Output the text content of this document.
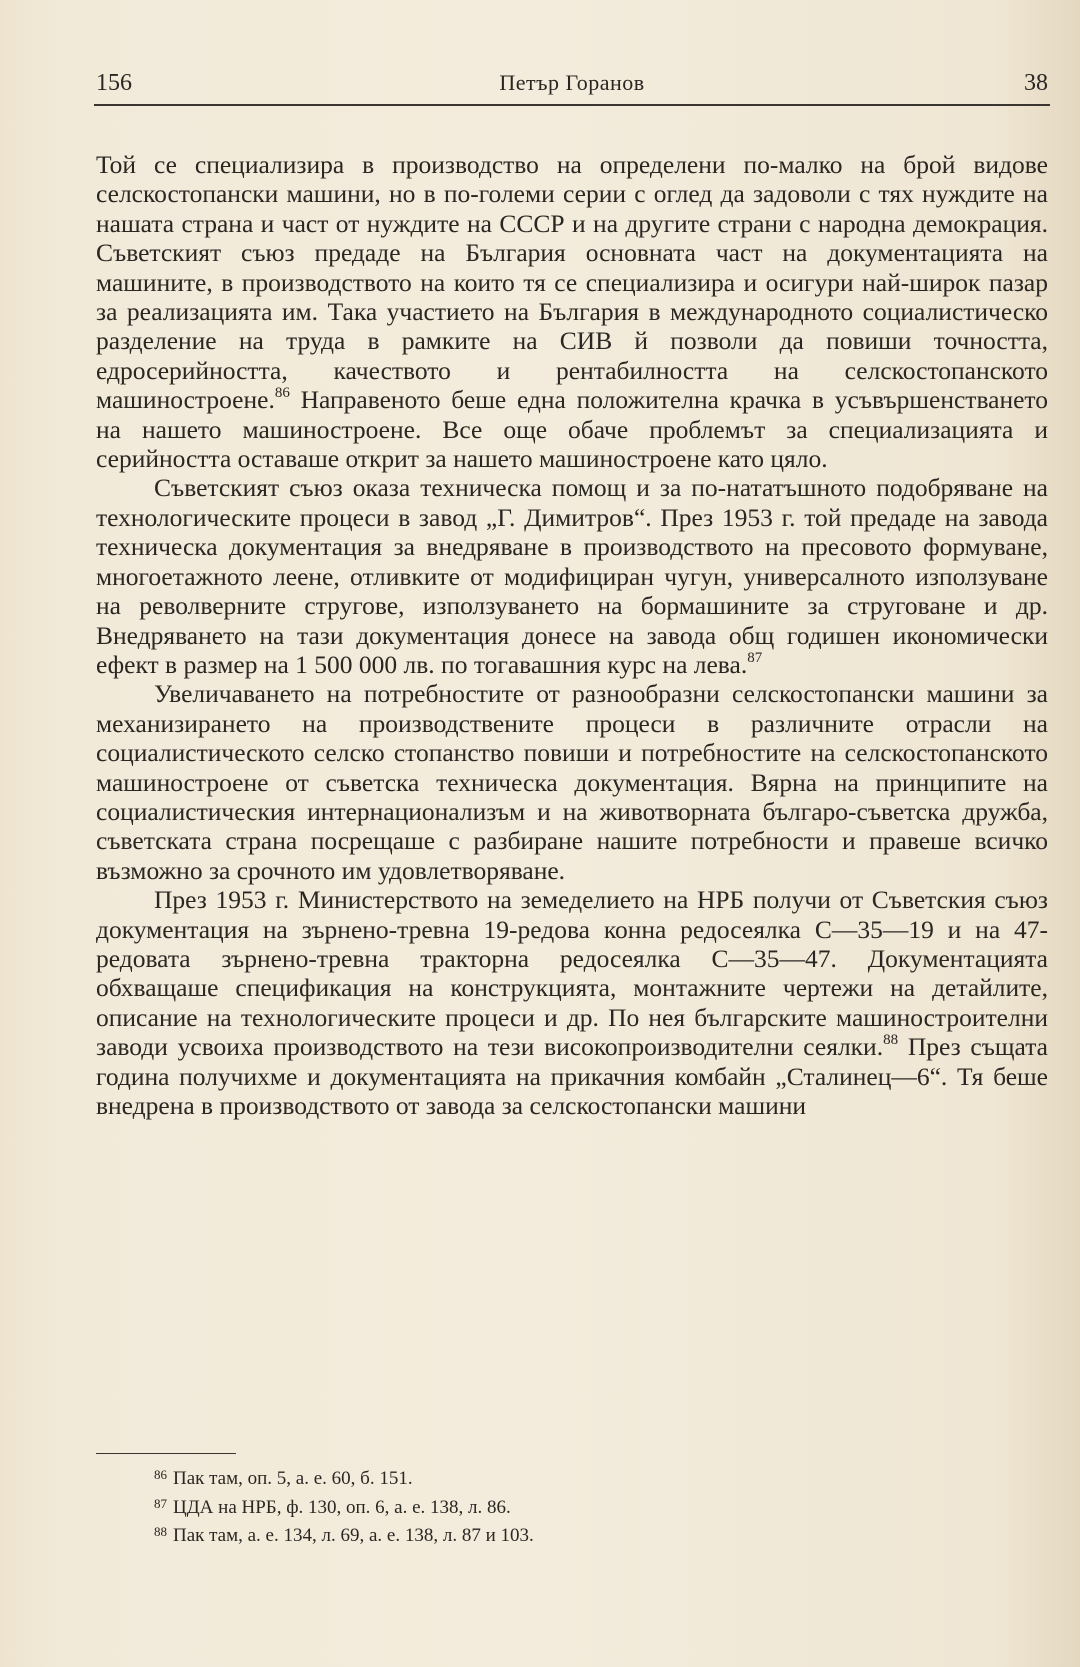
156	Петър Горанов	38

Той се специализира в производство на определени по-малко на брой видове селскостопански машини, но в по-големи серии с оглед да задоволи с тях нуждите на нашата страна и част от нуждите на СССР и на другите страни с народна демокрация. Съветският съюз предаде на България основната част на документацията на машините, в производството на които тя се специализира и осигури най-широк пазар за реализацията им. Така участието на България в международното социалистическо разделение на труда в рамките на СИВ й позволи да повиши точността, едросерийността, качеството и рентабилността на селскостопанското машиностроене.$^{86}$ Направеното беше една положителна крачка в усъвършенстването на нашето машиностроене. Все още обаче проблемът за специализацията и серийността оставаше открит за нашето машиностроене като цяло.

Съветският съюз оказа техническа помощ и за по-нататъшното подобряване на технологическите процеси в завод „Г. Димитров“. През 1953 г. той предаде на завода техническа документация за внедряване в производството на пресовото формуване, многоетажното леене, отливките от модифициран чугун, универсалното използуване на револверните стругове, използуването на бормашините за струговане и др. Внедряването на тази документация донесе на завода общ годишен икономически ефект в размер на 1 500 000 лв. по тогавашния курс на лева.$^{87}$

Увеличаването на потребностите от разнообразни селскостопански машини за механизирането на производствените процеси в различните отрасли на социалистическото селско стопанство повиши и потребностите на селскостопанското машиностроене от съветска техническа документация. Вярна на принципите на социалистическия интернационализъм и на животворната българо-съветска дружба, съветската страна посрещаше с разбиране нашите потребности и правеше всичко възможно за срочното им удовлетворяване.

През 1953 г. Министерството на земеделието на НРБ получи от Съветския съюз документация на зърнено-тревна 19-редова конна редосеялка С—35—19 и на 47-редовата зърнено-тревна тракторна редосеялка С—35—47. Документацията обхващаше спецификация на конструкцията, монтажните чертежи на детайлите, описание на технологическите процеси и др. По нея българските машиностроителни заводи усвоиха производството на тези високопроизводителни сеялки.$^{88}$ През същата година получихме и документацията на прикачния комбайн „Сталинец—6“. Тя беше внедрена в производството от завода за селскостопански машини

$^{86}$ Пак там, оп. 5, а. е. 60, б. 151.
$^{87}$ ЦДА на НРБ, ф. 130, оп. 6, а. е. 138, л. 86.
$^{88}$ Пак там, а. е. 134, л. 69, а. е. 138, л. 87 и 103.
